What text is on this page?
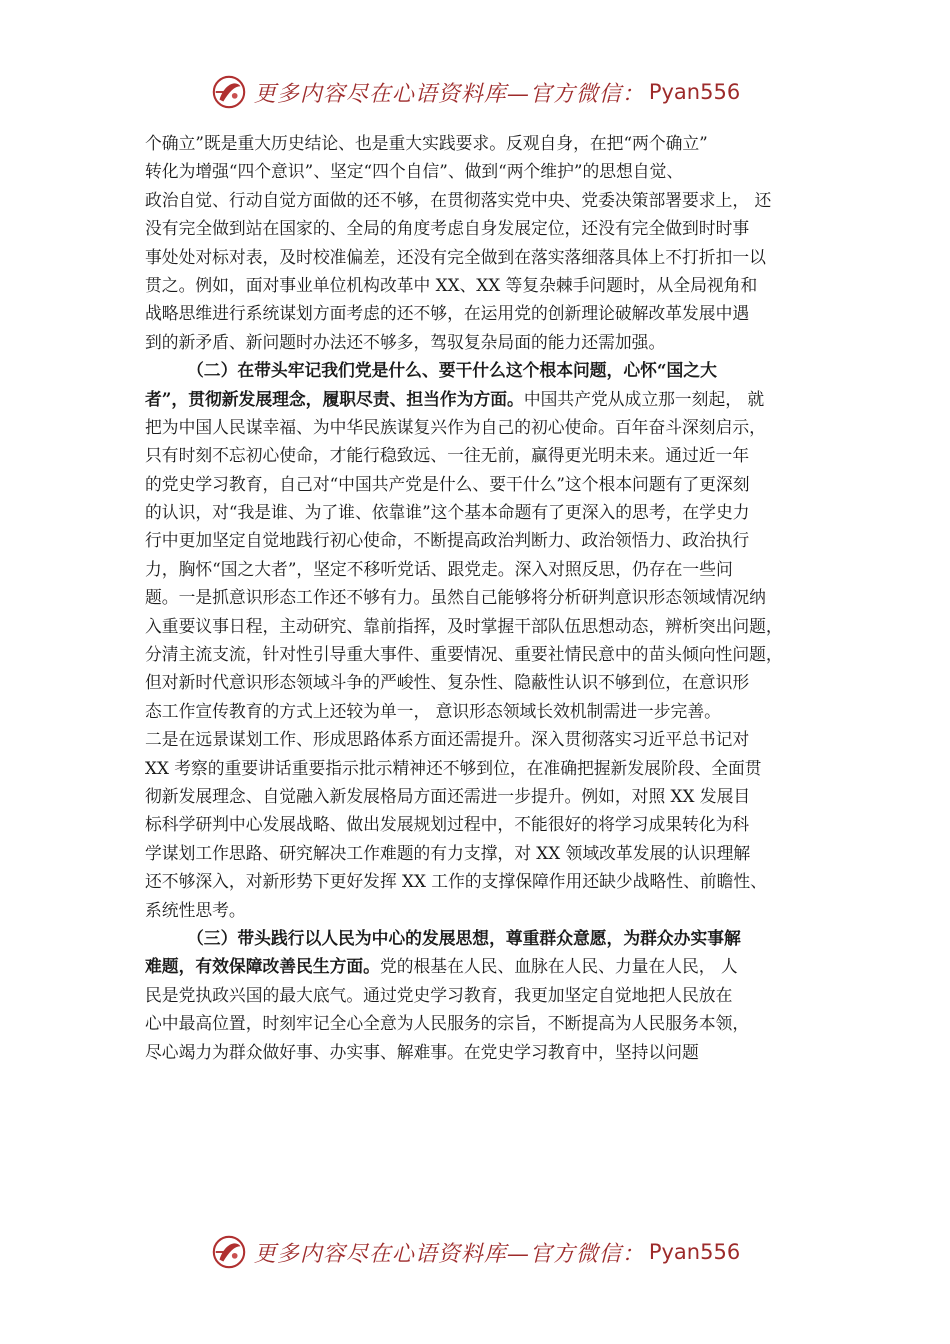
更多内容尽在心语资料库—官方微信： Pyan556
个确立”既是重大历史结论、也是重大实践要求。反观自身，在把“两个确立”
转化为增强“四个意识”、坚定“四个自信”、做到“两个维护”的思想自觉、
政治自觉、行动自觉方面做的还不够，在贯彻落实党中央、党委决策部署要求上， 还
没有完全做到站在国家的、全局的角度考虑自身发展定位，还没有完全做到时时事
事处处对标对表，及时校准偏差，还没有完全做到在落实落细落具体上不打折扣一以
贯之。例如，面对事业单位机构改革中 XX、XX 等复杂棘手问题时，从全局视角和
战略思维进行系统谋划方面考虑的还不够，在运用党的创新理论破解改革发展中遇
到的新矛盾、新问题时办法还不够多，驾驭复杂局面的能力还需加强。
（二）在带头牢记我们党是什么、要干什么这个根本问题，心怀“国之大
者”，贯彻新发展理念，履职尽责、担当作为方面。中国共产党从成立那一刻起， 就
把为中国人民谋幸福、为中华民族谋复兴作为自己的初心使命。百年奋斗深刻启示，
只有时刻不忘初心使命，才能行稳致远、一往无前，赢得更光明未来。通过近一年
的党史学习教育，自己对“中国共产党是什么、要干什么”这个根本问题有了更深刻
的认识，对“我是谁、为了谁、依靠谁”这个基本命题有了更深入的思考，在学史力
行中更加坚定自觉地践行初心使命，不断提高政治判断力、政治领悟力、政治执行
力，胸怀“国之大者”，坚定不移听党话、跟党走。深入对照反思，仍存在一些问
题。一是抓意识形态工作还不够有力。虽然自己能够将分析研判意识形态领域情况纳
入重要议事日程，主动研究、靠前指挥，及时掌握干部队伍思想动态，辨析突出问题，
分清主流支流，针对性引导重大事件、重要情况、重要社情民意中的苗头倾向性问题，
但对新时代意识形态领域斗争的严峻性、复杂性、隐蔽性认识不够到位，在意识形
态工作宣传教育的方式上还较为单一， 意识形态领域长效机制需进一步完善。
二是在远景谋划工作、形成思路体系方面还需提升。深入贯彻落实习近平总书记对
XX 考察的重要讲话重要指示批示精神还不够到位，在准确把握新发展阶段、全面贯
彻新发展理念、自觉融入新发展格局方面还需进一步提升。例如，对照 XX 发展目
标科学研判中心发展战略、做出发展规划过程中，不能很好的将学习成果转化为科
学谋划工作思路、研究解决工作难题的有力支撑，对 XX 领域改革发展的认识理解
还不够深入，对新形势下更好发挥 XX 工作的支撑保障作用还缺少战略性、前瞻性、
系统性思考。
（三）带头践行以人民为中心的发展思想，尊重群众意愿，为群众办实事解
难题，有效保障改善民生方面。党的根基在人民、血脉在人民、力量在人民， 人
民是党执政兴国的最大底气。通过党史学习教育，我更加坚定自觉地把人民放在
心中最高位置，时刻牢记全心全意为人民服务的宗旨，不断提高为人民服务本领，
尽心竭力为群众做好事、办实事、解难事。在党史学习教育中，坚持以问题
更多内容尽在心语资料库—官方微信： Pyan556
